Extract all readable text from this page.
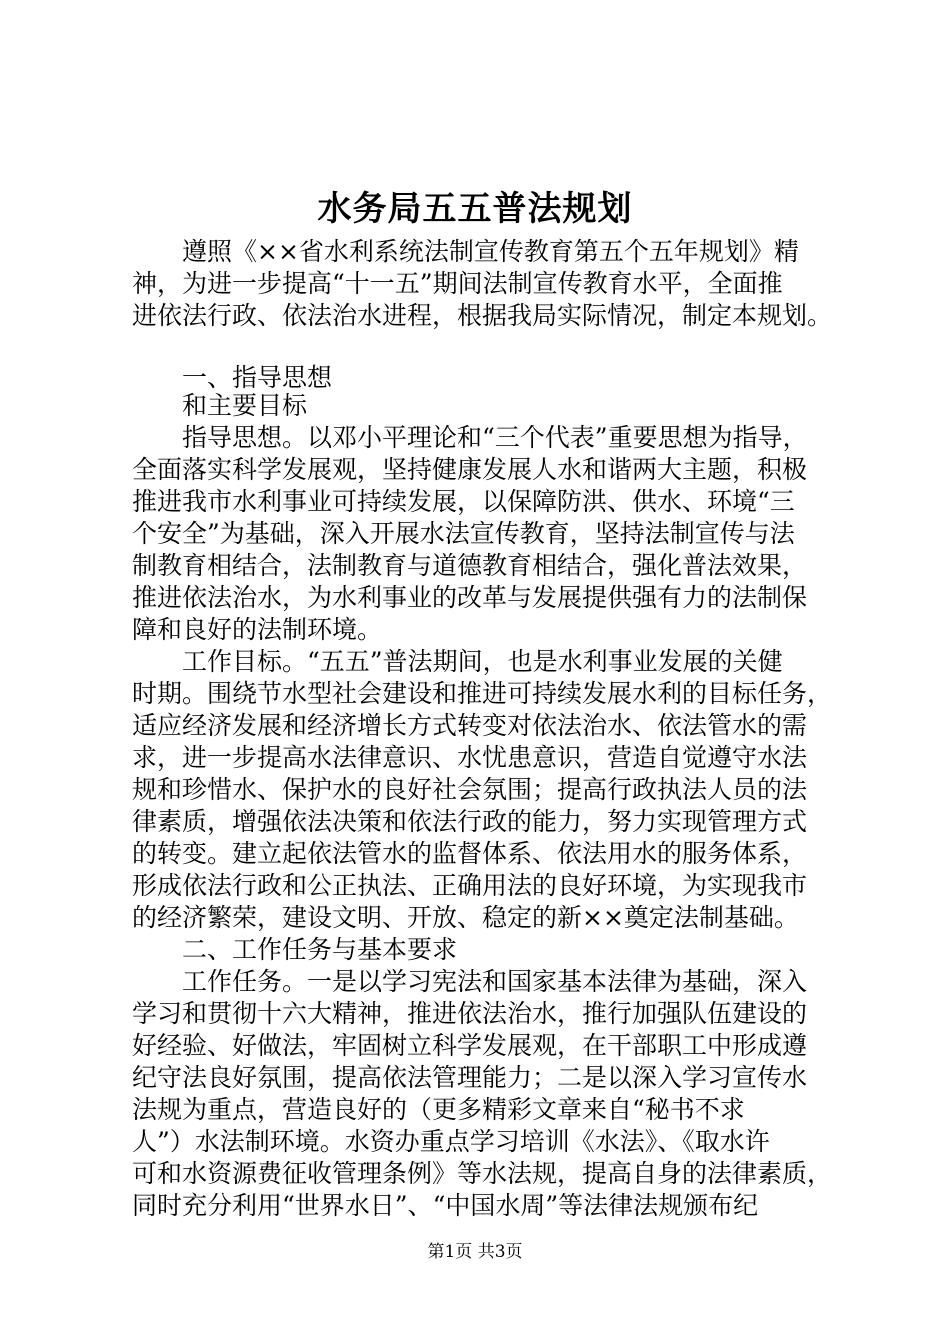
水务局五五普法规划
　　遵照《××省水利系统法制宣传教育第五个五年规划》精
神，为进一步提高“十一五”期间法制宣传教育水平，全面推
进依法行政、依法治水进程，根据我局实际情况，制定本规划。
　　一、指导思想
　　和主要目标
　　指导思想。以邓小平理论和“三个代表”重要思想为指导，
全面落实科学发展观，坚持健康发展人水和谐两大主题，积极
推进我市水利事业可持续发展，以保障防洪、供水、环境“三
个安全”为基础，深入开展水法宣传教育，坚持法制宣传与法
制教育相结合，法制教育与道德教育相结合，强化普法效果，
推进依法治水，为水利事业的改革与发展提供强有力的法制保
障和良好的法制环境。
　　工作目标。“五五”普法期间，也是水利事业发展的关健
时期。围绕节水型社会建设和推进可持续发展水利的目标任务，
适应经济发展和经济增长方式转变对依法治水、依法管水的需
求，进一步提高水法律意识、水忧患意识，营造自觉遵守水法
规和珍惜水、保护水的良好社会氛围；提高行政执法人员的法
律素质，增强依法决策和依法行政的能力，努力实现管理方式
的转变。建立起依法管水的监督体系、依法用水的服务体系，
形成依法行政和公正执法、正确用法的良好环境，为实现我市
的经济繁荣，建设文明、开放、稳定的新××奠定法制基础。
　　二、工作任务与基本要求
　　工作任务。一是以学习宪法和国家基本法律为基础，深入
学习和贯彻十六大精神，推进依法治水，推行加强队伍建设的
好经验、好做法，牢固树立科学发展观，在干部职工中形成遵
纪守法良好氛围，提高依法管理能力；二是以深入学习宣传水
法规为重点，营造良好的（更多精彩文章来自“秘书不求
人”）水法制环境。水资办重点学习培训《水法》、《取水许
可和水资源费征收管理条例》等水法规，提高自身的法律素质，
同时充分利用“世界水日”、“中国水周”等法律法规颁布纪
第1页 共3页
